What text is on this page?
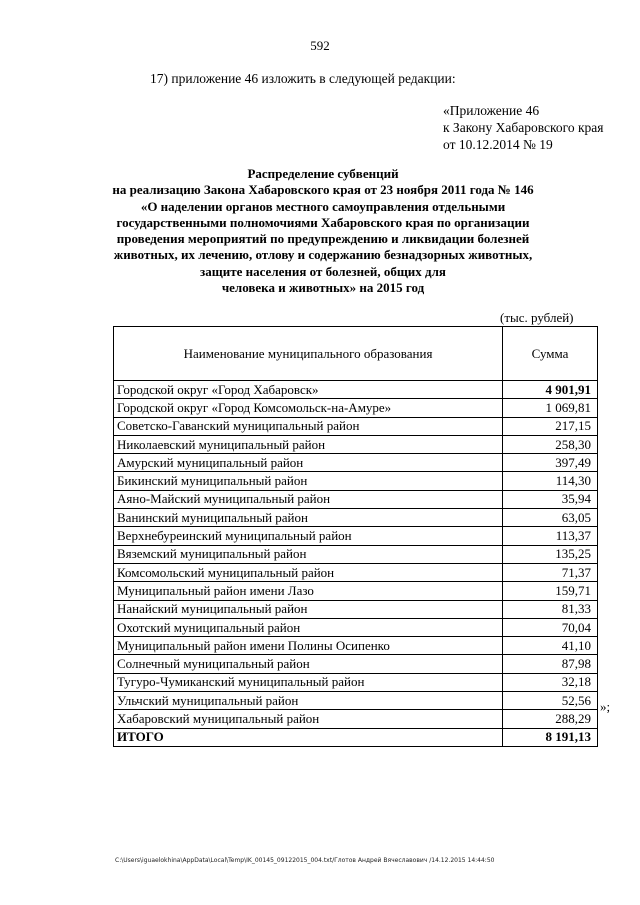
592
17) приложение 46 изложить в следующей редакции:
«Приложение 46
к Закону Хабаровского края
от 10.12.2014 № 19
Распределение субвенций
на реализацию Закона Хабаровского края от 23 ноября 2011 года № 146
«О наделении органов местного самоуправления отдельными
государственными полномочиями Хабаровского края по организации
проведения мероприятий по предупреждению и ликвидации болезней
животных, их лечению, отлову и содержанию безнадзорных животных,
защите населения от болезней, общих для
человека и животных» на 2015 год
(тыс. рублей)
Наименование муниципального образования	Сумма
Городской округ «Город Хабаровск»	4 901,91
Городской округ «Город Комсомольск-на-Амуре»	1 069,81
Советско-Гаванский муниципальный район	217,15
Николаевский муниципальный район	258,30
Амурский муниципальный район	397,49
Бикинский муниципальный район	114,30
Аяно-Майский муниципальный район	35,94
Ванинский муниципальный район	63,05
Верхнебуреинский муниципальный район	113,37
Вяземский муниципальный район	135,25
Комсомольский муниципальный район	71,37
Муниципальный район имени Лазо	159,71
Нанайский муниципальный район	81,33
Охотский муниципальный район	70,04
Муниципальный район имени Полины Осипенко	41,10
Солнечный муниципальный район	87,98
Тугуро-Чумиканский муниципальный район	32,18
Ульчский муниципальный район	52,56
Хабаровский муниципальный район	288,29
ИТОГО	8 191,13
»;
C:\Users\iguaelokhina\AppData\Local\Temp\IK_00145_09122015_004.txt/Глотов Андрей Вячеславович /14.12.2015 14:44:50
